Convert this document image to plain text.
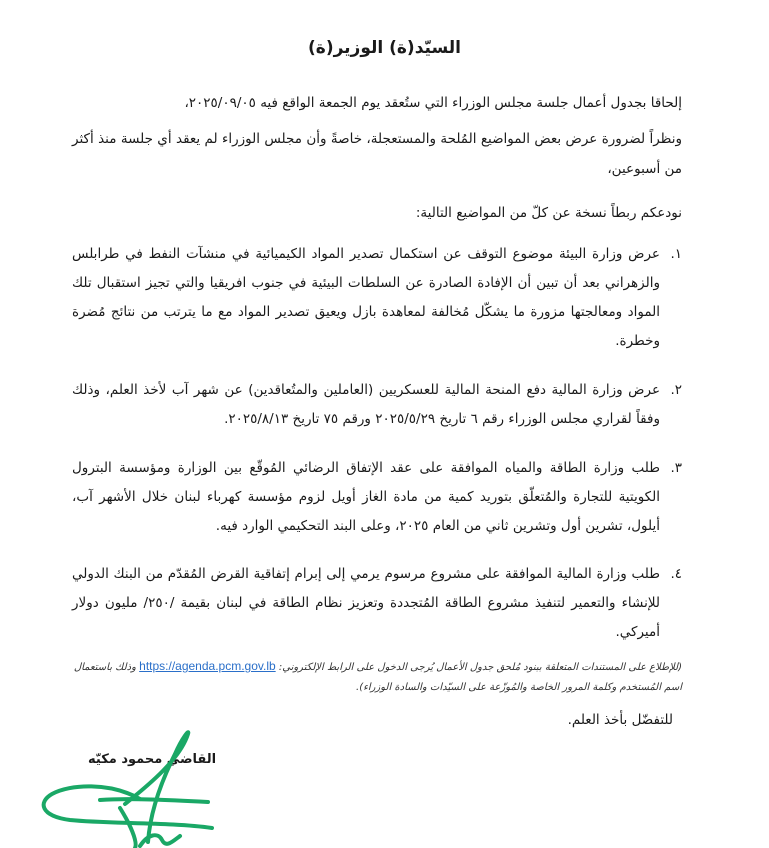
السيّد(ة) الوزير(ة)
إلحاقا بجدول أعمال جلسة مجلس الوزراء التي ستُعقد يوم الجمعة الواقع فيه ٢٠٢٥/٠٩/٠٥،
ونظراً لضرورة عرض بعض المواضيع المُلحة والمستعجلة، خاصةً وأن مجلس الوزراء لم يعقد أي جلسة منذ أكثر من أسبوعين،
نودعكم ربطاً نسخة عن كلّ من المواضيع التالية:
١.
عرض وزارة البيئة موضوع التوقف عن استكمال تصدير المواد الكيميائية في منشآت النفط في طرابلس والزهراني بعد أن تبين أن الإفادة الصادرة عن السلطات البيئية في جنوب افريقيا والتي تجيز استقبال تلك المواد ومعالجتها مزورة ما يشكّل مُخالفة لمعاهدة بازل ويعيق تصدير المواد مع ما يترتب من نتائج مُضرة وخطرة.
٢.
عرض وزارة المالية دفع المنحة المالية للعسكريين (العاملين والمتُعاقدين) عن شهر آب لأخذ العلم، وذلك وفقاً لقراري مجلس الوزراء رقم ٦ تاريخ ٢٠٢٥/٥/٢٩ ورقم ٧٥ تاريخ ٢٠٢٥/٨/١٣.
٣.
طلب وزارة الطاقة والمياه الموافقة على عقد الإتفاق الرضائي المُوقّع بين الوزارة ومؤسسة البترول الكويتية للتجارة والمُتعلّق بتوريد كمية من مادة الغاز أويل لزوم مؤسسة كهرباء لبنان خلال الأشهر آب، أيلول، تشرين أول وتشرين ثاني من العام ٢٠٢٥، وعلى البند التحكيمي الوارد فيه.
٤.
طلب وزارة المالية الموافقة على مشروع مرسوم يرمي إلى إبرام إتفاقية القرض المُقدّم من البنك الدولي للإنشاء والتعمير لتنفيذ مشروع الطاقة المُتجددة وتعزيز نظام الطاقة في لبنان بقيمة /٢٥٠/ مليون دولار أميركي.
(للإطلاع على المستندات المتعلقة ببنود مُلحق جدول الأعمال يُرجى الدخول على الرابط الإلكتروني: https://agenda.pcm.gov.lb وذلك باستعمال اسم المُستخدم وكلمة المرور الخاصة والمُوزّعة على السيّدات والسادة الوزراء).
للتفضّل بأخذ العلم.
القاضي محمود مكيّه
